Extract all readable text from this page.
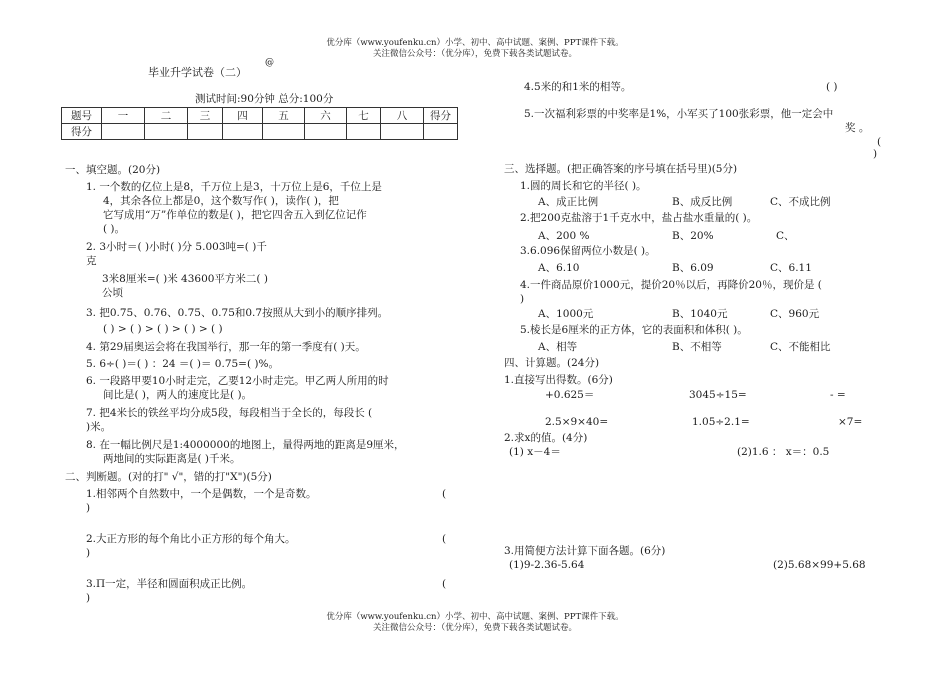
优分库（www.youfenku.cn）小学、初中、高中试题、案例、PPT课件下载。
关注微信公众号：（优分库），免费下载各类试题试卷。
毕业升学试卷（二）
@
测试时间:90分钟 总分:100分
题号	一	二	三	四	五	六	七	八	得分
得分									
一、填空题。(20分)
1. 一个数的亿位上是8，千万位上是3，十万位上是6，千位上是
4，其余各位上都是0，这个数写作( )，读作( )，把
它写成用“万”作单位的数是( )，把它四舍五入到亿位记作
( )。
2. 3小时＝( )小时( )分 5.003吨=( )千
克
3米8厘米=( )米 43600平方米二( )
公顷
3. 把0.7̇5、0.76、0.7̇5̇、0.75和0.7̇按照从大到小的顺序排列。
( ) > ( ) > ( ) > ( ) > ( )
4. 第29届奥运会将在我国举行，那一年的第一季度有( )天。
5. 6÷( )＝( ) ：24 ＝( )＝ 0.75=( )%。
6. 一段路甲要10小时走完，乙要12小时走完。甲乙两人所用的时
间比是( )，两人的速度比是( )。
7. 把4米长的铁丝平均分成5段，每段相当于全长的，每段长 (
)米。
8. 在一幅比例尺是1:4000000的地图上，量得两地的距离是9厘米，
两地间的实际距离是( )千米。
二、判断题。(对的打" √"，错的打"X")(5分)
1.相邻两个自然数中，一个是偶数，一个是奇数。	(
)
2.大正方形的每个角比小正方形的每个角大。	(
)
3.Π一定，半径和圆面积成正比例。	(
)
4.5米的和1米的相等。	( )
5.一次福利彩票的中奖率是1%，小军买了100张彩票，他一定会中
奖 。
(
)
三、选择题。(把正确答案的序号填在括号里)(5分)
1.圆的周长和它的半径( )。
A、成正比例	B、成反比例	C、不成比例
2.把200克盐溶于1千克水中，盐占盐水重量的( )。
A、200 %	B、20%	C、
3.6.096保留两位小数是( )。
A、6.10	B、6.09	C、6.11
4.一件商品原价1000元，提价20％以后，再降价20％，现价是 (
)
A、1000元	B、1040元	C、960元
5.棱长是6厘米的正方体，它的表面积和体积( )。
A、相等	B、不相等	C、不能相比
四、计算题。(24分)
1.直接写出得数。(6分)
+0.625＝	3045÷15=	- =
2.5×9×40=	1.05÷2.1=	×7=
2.求x的值。(4分)
(1) x－4＝	(2)1.6 ： x＝：0.5
3.用简便方法计算下面各题。(6分)
(1)9-2.36-5.64	(2)5.68×99+5.68
优分库（www.youfenku.cn）小学、初中、高中试题、案例、PPT课件下载。
关注微信公众号：（优分库），免费下载各类试题试卷。
